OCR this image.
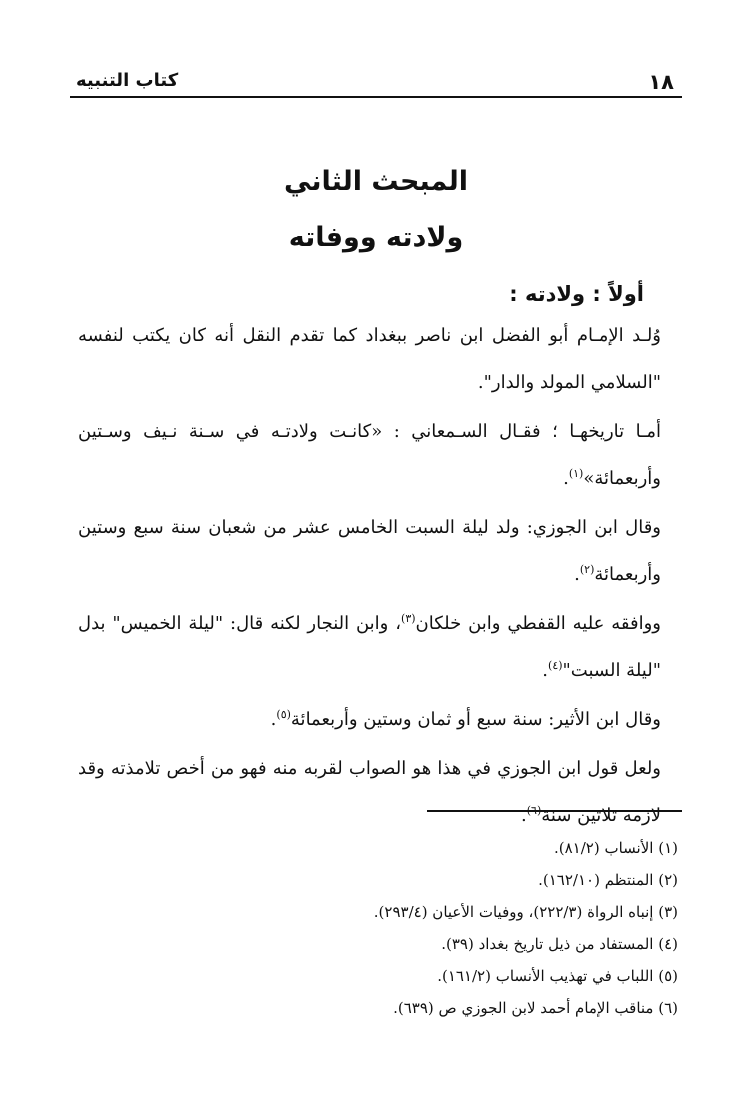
١٨
كتاب التنبيه
المبحث الثاني
ولادته ووفاته
أولاً : ولادته :

وُلـد الإمـام أبو الفضل ابن ناصر ببغداد كما تقدم النقل أنه كان يكتب لنفسه "السلامي المولد والدار".

أمـا تاريخهـا ؛ فقـال السـمعاني : «كانـت ولادتـه في سـنة نـيف وسـتين وأربعمائة»$^{(١)}$.

وقال ابن الجوزي: ولد ليلة السبت الخامس عشر من شعبان سنة سبع وستين وأربعمائة$^{(٢)}$.

ووافقه عليه القفطي وابن خلكان$^{(٣)}$، وابن النجار لكنه قال: "ليلة الخميس" بدل "ليلة السبت"$^{(٤)}$.

وقال ابن الأثير: سنة سبع أو ثمان وستين وأربعمائة$^{(٥)}$.

ولعل قول ابن الجوزي في هذا هو الصواب لقربه منه فهو من أخص تلامذته وقد لازمه ثلاثين سنة$^{(٦)}$.

(١) الأنساب (٨١/٢).
(٢) المنتظم (١٦٢/١٠).
(٣) إنباه الرواة (٢٢٢/٣)، ووفيات الأعيان (٢٩٣/٤).
(٤) المستفاد من ذيل تاريخ بغداد (٣٩).
(٥) اللباب في تهذيب الأنساب (١٦١/٢).
(٦) مناقب الإمام أحمد لابن الجوزي ص (٦٣٩).
